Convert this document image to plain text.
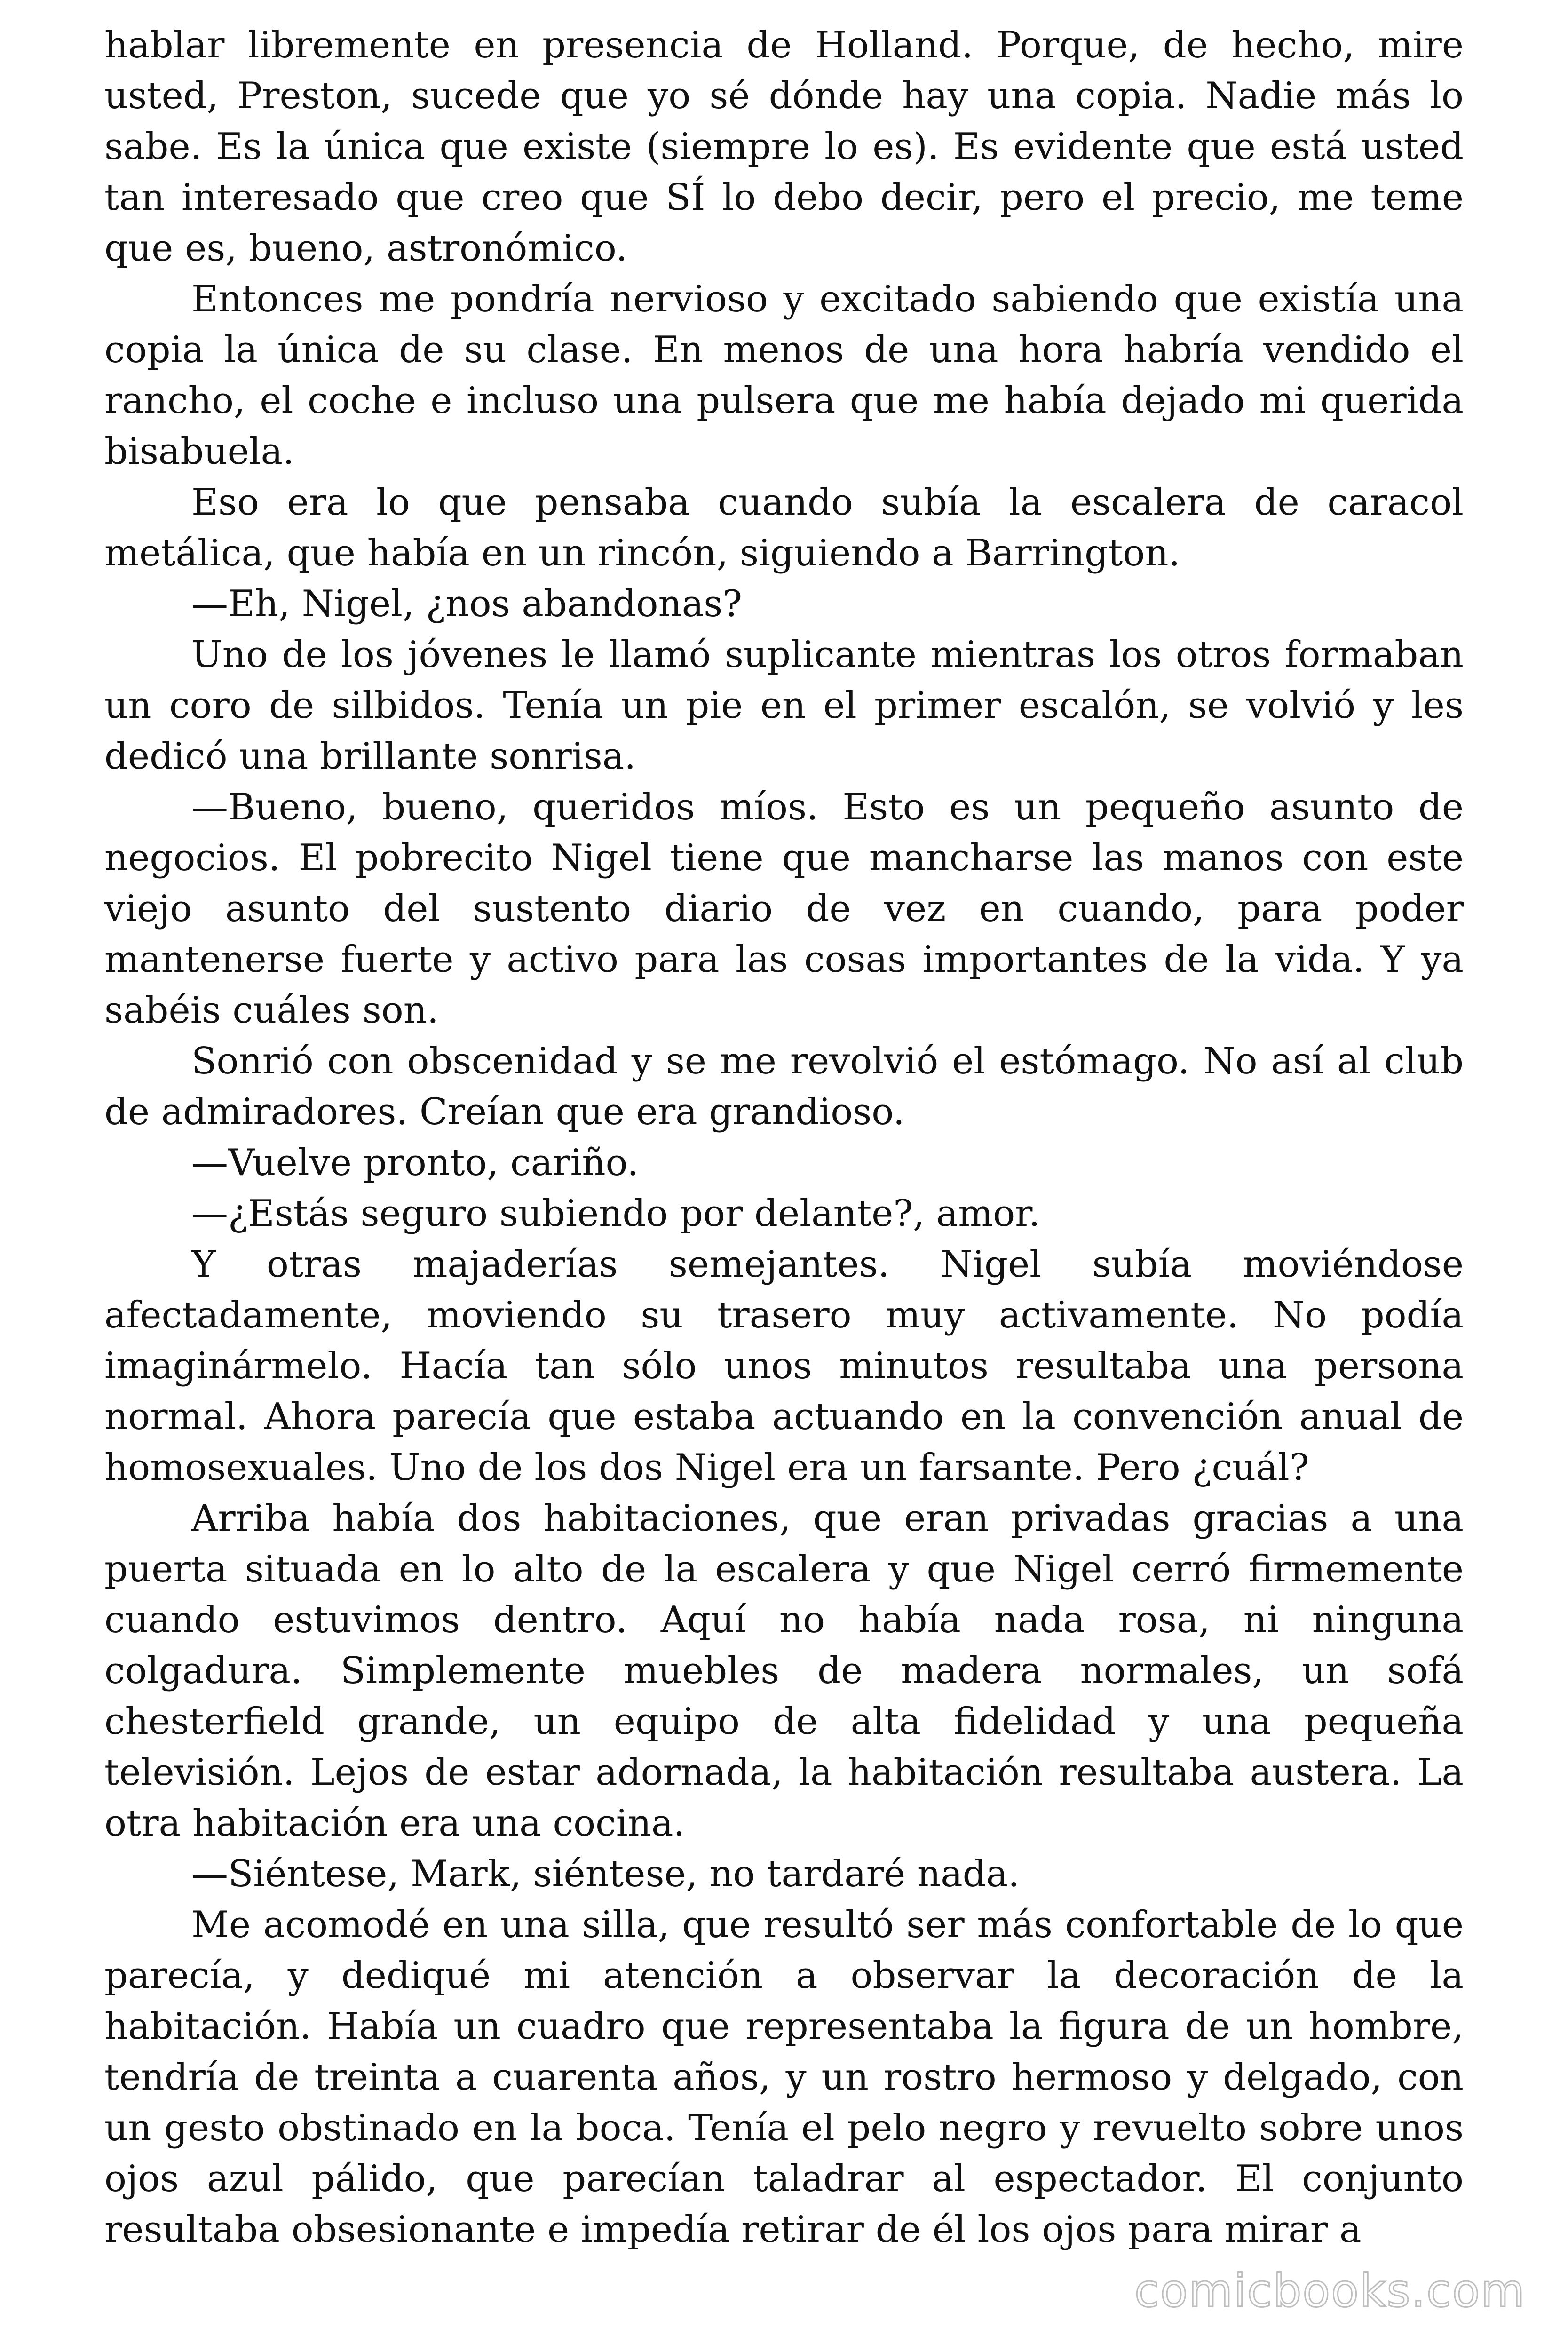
hablar libremente en presencia de Holland. Porque, de hecho, mire usted, Preston, sucede que yo sé dónde hay una copia. Nadie más lo sabe. Es la única que existe (siempre lo es). Es evidente que está usted tan interesado que creo que SÍ lo debo decir, pero el precio, me teme que es, bueno, astronómico.

Entonces me pondría nervioso y excitado sabiendo que existía una copia la única de su clase. En menos de una hora habría vendido el rancho, el coche e incluso una pulsera que me había dejado mi querida bisabuela.

Eso era lo que pensaba cuando subía la escalera de caracol metálica, que había en un rincón, siguiendo a Barrington.

—Eh, Nigel, ¿nos abandonas?

Uno de los jóvenes le llamó suplicante mientras los otros formaban un coro de silbidos. Tenía un pie en el primer escalón, se volvió y les dedicó una brillante sonrisa.

—Bueno, bueno, queridos míos. Esto es un pequeño asunto de negocios. El pobrecito Nigel tiene que mancharse las manos con este viejo asunto del sustento diario de vez en cuando, para poder mantenerse fuerte y activo para las cosas importantes de la vida. Y ya sabéis cuáles son.

Sonrió con obscenidad y se me revolvió el estómago. No así al club de admiradores. Creían que era grandioso.

—Vuelve pronto, cariño.

—¿Estás seguro subiendo por delante?, amor.

Y otras majaderías semejantes. Nigel subía moviéndose afectadamente, moviendo su trasero muy activamente. No podía imaginármelo. Hacía tan sólo unos minutos resultaba una persona normal. Ahora parecía que estaba actuando en la convención anual de homosexuales. Uno de los dos Nigel era un farsante. Pero ¿cuál?

Arriba había dos habitaciones, que eran privadas gracias a una puerta situada en lo alto de la escalera y que Nigel cerró firmemente cuando estuvimos dentro. Aquí no había nada rosa, ni ninguna colgadura. Simplemente muebles de madera normales, un sofá chesterfield grande, un equipo de alta fidelidad y una pequeña televisión. Lejos de estar adornada, la habitación resultaba austera. La otra habitación era una cocina.

—Siéntese, Mark, siéntese, no tardaré nada.

Me acomodé en una silla, que resultó ser más confortable de lo que parecía, y dediqué mi atención a observar la decoración de la habitación. Había un cuadro que representaba la figura de un hombre, tendría de treinta a cuarenta años, y un rostro hermoso y delgado, con un gesto obstinado en la boca. Tenía el pelo negro y revuelto sobre unos ojos azul pálido, que parecían taladrar al espectador. El conjunto resultaba obsesionante e impedía retirar de él los ojos para mirar a

comicbooks.com
